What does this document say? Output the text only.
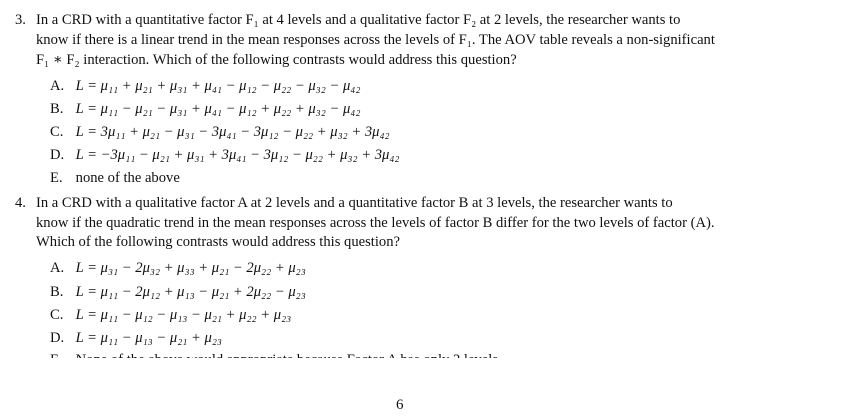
3. In a CRD with a quantitative factor F₁ at 4 levels and a qualitative factor F₂ at 2 levels, the researcher wants to
know if there is a linear trend in the mean responses across the levels of F₁. The AOV table reveals a non-significant
F₁ ∗ F₂ interaction. Which of the following contrasts would address this question?
A. L = μ₁₁ + μ₂₁ + μ₃₁ + μ₄₁ − μ₁₂ − μ₂₂ − μ₃₂ − μ₄₂
B. L = μ₁₁ − μ₂₁ − μ₃₁ + μ₄₁ − μ₁₂ + μ₂₂ + μ₃₂ − μ₄₂
C. L = 3μ₁₁ + μ₂₁ − μ₃₁ − 3μ₄₁ − 3μ₁₂ − μ₂₂ + μ₃₂ + 3μ₄₂
D. L = −3μ₁₁ − μ₂₁ + μ₃₁ + 3μ₄₁ − 3μ₁₂ − μ₂₂ + μ₃₂ + 3μ₄₂
E. none of the above
4. In a CRD with a qualitative factor A at 2 levels and a quantitative factor B at 3 levels, the researcher wants to
know if the quadratic trend in the mean responses across the levels of factor B differ for the two levels of factor (A).
Which of the following contrasts would address this question?
A. L = μ₃₁ − 2μ₃₂ + μ₃₃ + μ₂₁ − 2μ₂₂ + μ₂₃
B. L = μ₁₁ − 2μ₁₂ + μ₁₃ − μ₂₁ + 2μ₂₂ − μ₂₃
C. L = μ₁₁ − μ₁₂ − μ₁₃ − μ₂₁ + μ₂₂ + μ₂₃
D. L = μ₁₁ − μ₁₃ − μ₂₁ + μ₂₃
6
